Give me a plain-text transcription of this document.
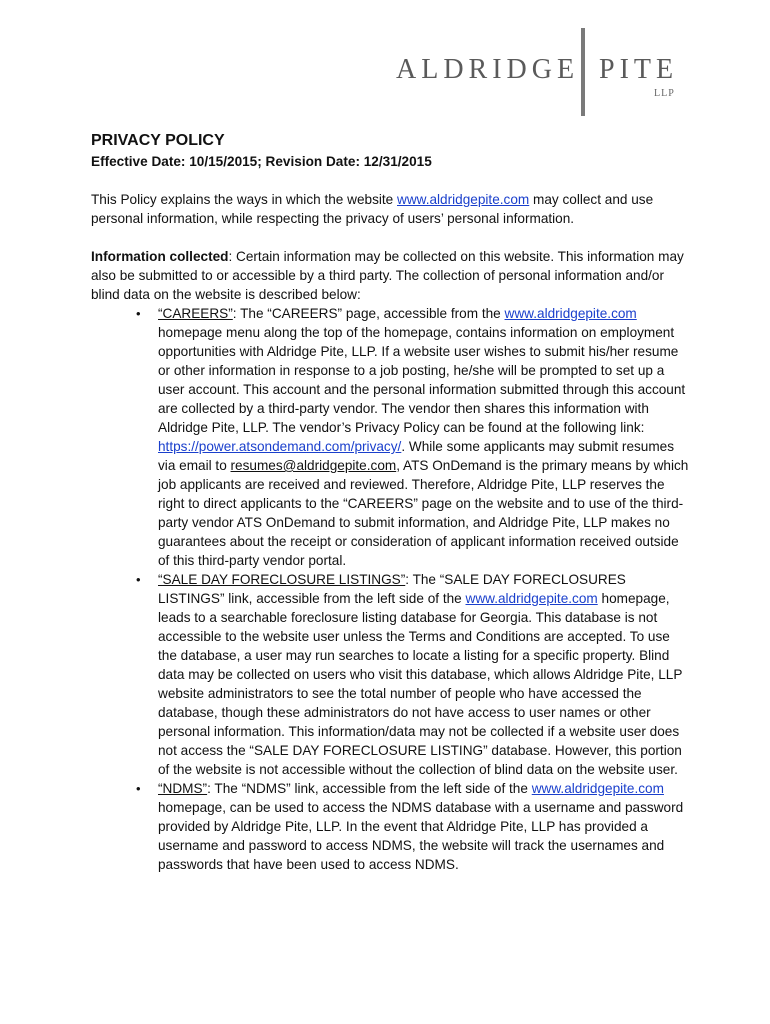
ALDRIDGE PITE
LLP
PRIVACY POLICY
Effective Date: 10/15/2015; Revision Date: 12/31/2015

This Policy explains the ways in which the website www.aldridgepite.com may collect and use personal information, while respecting the privacy of users’ personal information.

Information collected: Certain information may be collected on this website. This information may also be submitted to or accessible by a third party. The collection of personal information and/or blind data on the website is described below:
• “CAREERS”: The “CAREERS” page, accessible from the www.aldridgepite.com homepage menu along the top of the homepage, contains information on employment opportunities with Aldridge Pite, LLP. If a website user wishes to submit his/her resume or other information in response to a job posting, he/she will be prompted to set up a user account. This account and the personal information submitted through this account are collected by a third-party vendor. The vendor then shares this information with Aldridge Pite, LLP. The vendor’s Privacy Policy can be found at the following link: https://power.atsondemand.com/privacy/. While some applicants may submit resumes via email to resumes@aldridgepite.com, ATS OnDemand is the primary means by which job applicants are received and reviewed. Therefore, Aldridge Pite, LLP reserves the right to direct applicants to the “CAREERS” page on the website and to use of the third-party vendor ATS OnDemand to submit information, and Aldridge Pite, LLP makes no guarantees about the receipt or consideration of applicant information received outside of this third-party vendor portal.
• “SALE DAY FORECLOSURE LISTINGS”: The “SALE DAY FORECLOSURES LISTINGS” link, accessible from the left side of the www.aldridgepite.com homepage, leads to a searchable foreclosure listing database for Georgia. This database is not accessible to the website user unless the Terms and Conditions are accepted. To use the database, a user may run searches to locate a listing for a specific property. Blind data may be collected on users who visit this database, which allows Aldridge Pite, LLP website administrators to see the total number of people who have accessed the database, though these administrators do not have access to user names or other personal information. This information/data may not be collected if a website user does not access the “SALE DAY FORECLOSURE LISTING” database. However, this portion of the website is not accessible without the collection of blind data on the website user.
• “NDMS”: The “NDMS” link, accessible from the left side of the www.aldridgepite.com homepage, can be used to access the NDMS database with a username and password provided by Aldridge Pite, LLP. In the event that Aldridge Pite, LLP has provided a username and password to access NDMS, the website will track the usernames and passwords that have been used to access NDMS.
